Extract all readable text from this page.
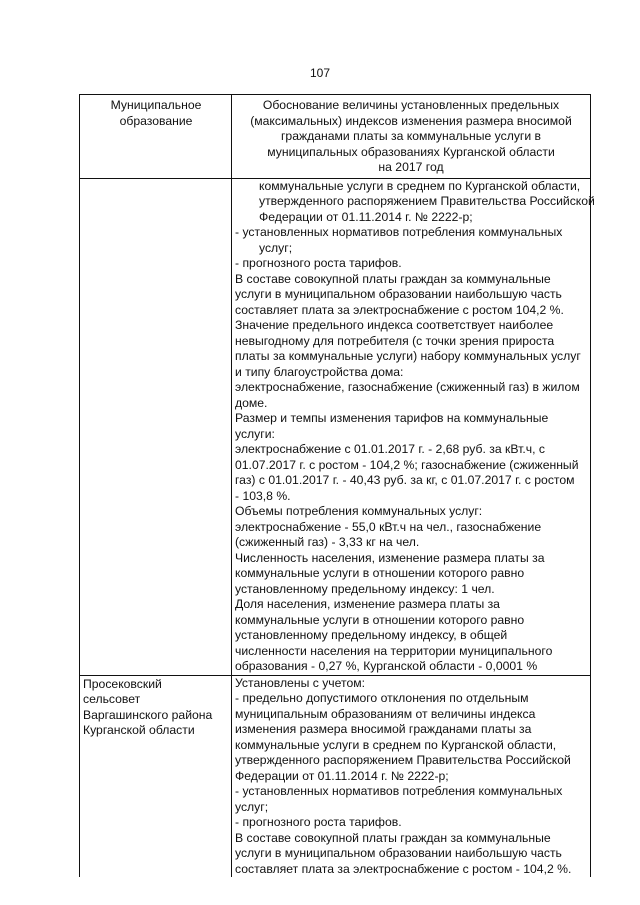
107
Муниципальное
образование
Обоснование величины установленных предельных
(максимальных) индексов изменения размера вносимой
гражданами платы за коммунальные услуги в
муниципальных образованиях Курганской области
на 2017 год
коммунальные услуги в среднем по Курганской области,
утвержденного распоряжением Правительства Российской
Федерации от 01.11.2014 г. № 2222-р;
- установленных нормативов потребления коммунальных
услуг;
- прогнозного роста тарифов.
В составе совокупной платы граждан за коммунальные
услуги в муниципальном образовании наибольшую часть
составляет плата за электроснабжение с ростом 104,2 %.
Значение предельного индекса соответствует наиболее
невыгодному для потребителя (с точки зрения прироста
платы за коммунальные услуги) набору коммунальных услуг
и типу благоустройства дома:
электроснабжение, газоснабжение (сжиженный газ) в жилом
доме.
Размер и темпы изменения тарифов на коммунальные
услуги:
электроснабжение с 01.01.2017 г. - 2,68 руб. за кВт.ч, с
01.07.2017 г. с ростом - 104,2 %; газоснабжение (сжиженный
газ) с 01.01.2017 г. - 40,43 руб. за кг, с 01.07.2017 г. с ростом
- 103,8 %.
Объемы потребления коммунальных услуг:
электроснабжение - 55,0 кВт.ч на чел., газоснабжение
(сжиженный газ) - 3,33 кг на чел.
Численность населения, изменение размера платы за
коммунальные услуги в отношении которого равно
установленному предельному индексу: 1 чел.
Доля населения, изменение размера платы за
коммунальные услуги в отношении которого равно
установленному предельному индексу, в общей
численности населения на территории муниципального
образования - 0,27 %, Курганской области - 0,0001 %
Просековский
сельсовет
Варгашинского района
Курганской области
Установлены с учетом:
- предельно допустимого отклонения по отдельным
муниципальным образованиям от величины индекса
изменения размера вносимой гражданами платы за
коммунальные услуги в среднем по Курганской области,
утвержденного распоряжением Правительства Российской
Федерации от 01.11.2014 г. № 2222-р;
- установленных нормативов потребления коммунальных
услуг;
- прогнозного роста тарифов.
В составе совокупной платы граждан за коммунальные
услуги в муниципальном образовании наибольшую часть
составляет плата за электроснабжение с ростом - 104,2 %.
